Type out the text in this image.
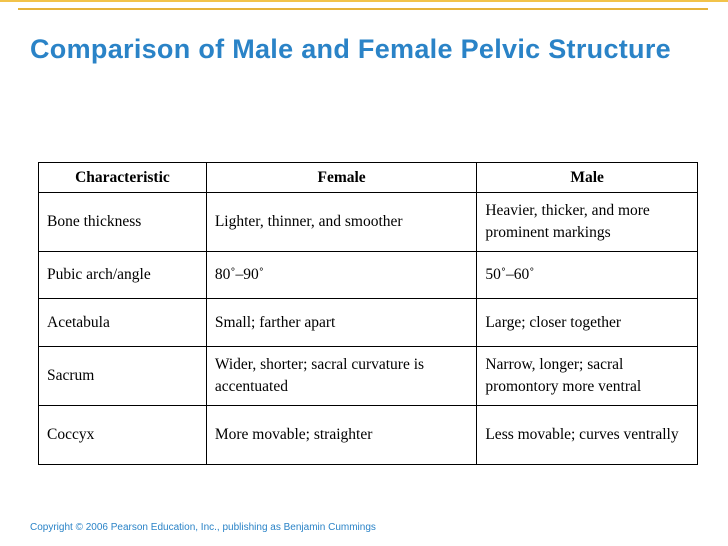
Comparison of Male and Female Pelvic Structure
Characteristic	Female	Male
Bone thickness	Lighter, thinner, and smoother	Heavier, thicker, and more prominent markings
Pubic arch/angle	80˚–90˚	50˚–60˚
Acetabula	Small; farther apart	Large; closer together
Sacrum	Wider, shorter; sacral curvature is accentuated	Narrow, longer; sacral promontory more ventral
Coccyx	More movable; straighter	Less movable; curves ventrally

Copyright © 2006 Pearson Education, Inc., publishing as Benjamin Cummings
